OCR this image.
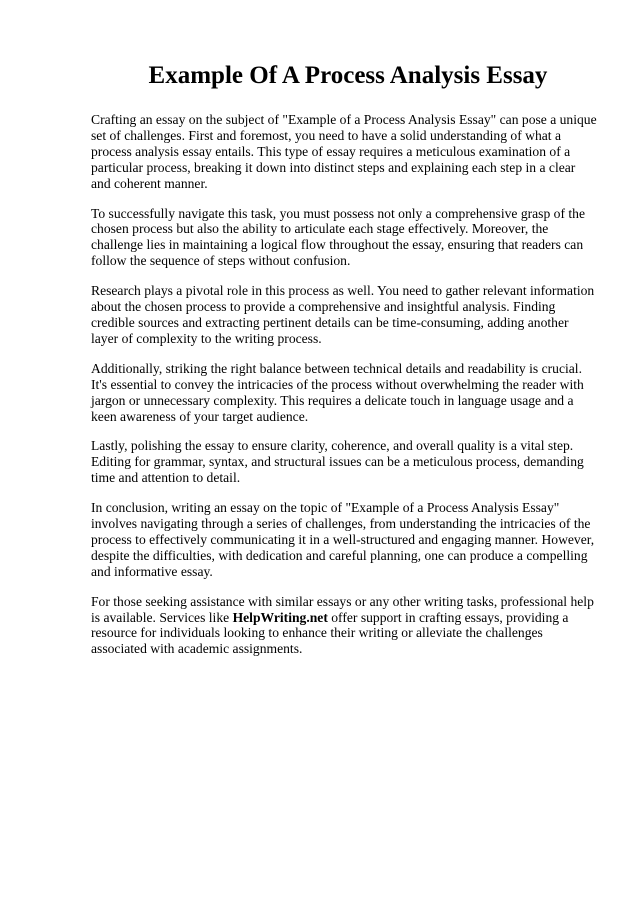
Example Of A Process Analysis Essay

Crafting an essay on the subject of "Example of a Process Analysis Essay" can pose a unique set of challenges. First and foremost, you need to have a solid understanding of what a process analysis essay entails. This type of essay requires a meticulous examination of a particular process, breaking it down into distinct steps and explaining each step in a clear and coherent manner.

To successfully navigate this task, you must possess not only a comprehensive grasp of the chosen process but also the ability to articulate each stage effectively. Moreover, the challenge lies in maintaining a logical flow throughout the essay, ensuring that readers can follow the sequence of steps without confusion.

Research plays a pivotal role in this process as well. You need to gather relevant information about the chosen process to provide a comprehensive and insightful analysis. Finding credible sources and extracting pertinent details can be time-consuming, adding another layer of complexity to the writing process.

Additionally, striking the right balance between technical details and readability is crucial. It's essential to convey the intricacies of the process without overwhelming the reader with jargon or unnecessary complexity. This requires a delicate touch in language usage and a keen awareness of your target audience.

Lastly, polishing the essay to ensure clarity, coherence, and overall quality is a vital step. Editing for grammar, syntax, and structural issues can be a meticulous process, demanding time and attention to detail.

In conclusion, writing an essay on the topic of "Example of a Process Analysis Essay" involves navigating through a series of challenges, from understanding the intricacies of the process to effectively communicating it in a well-structured and engaging manner. However, despite the difficulties, with dedication and careful planning, one can produce a compelling and informative essay.

For those seeking assistance with similar essays or any other writing tasks, professional help is available. Services like HelpWriting.net offer support in crafting essays, providing a resource for individuals looking to enhance their writing or alleviate the challenges associated with academic assignments.
